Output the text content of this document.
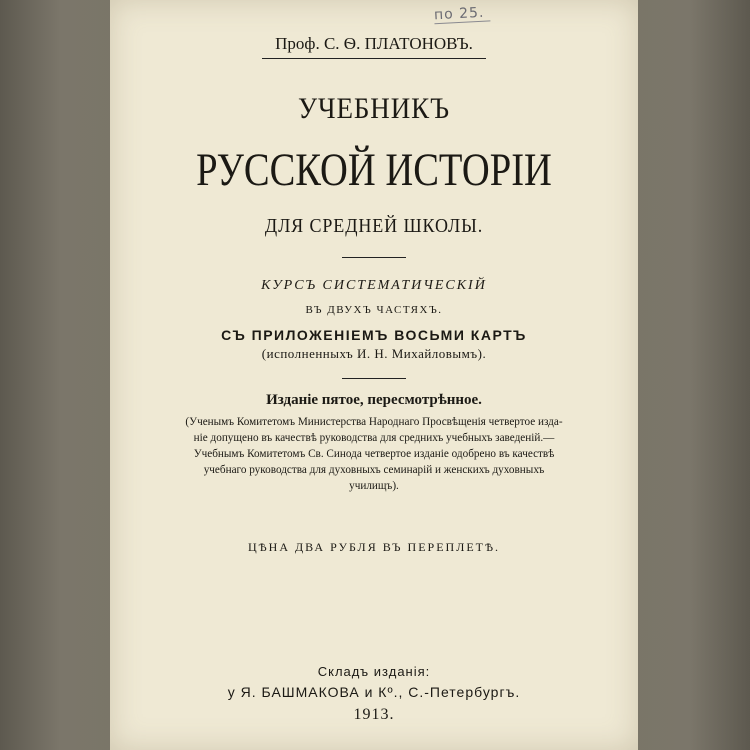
по 25.
Проф. С. Ѳ. ПЛАТОНОВЪ.
УЧЕБНИКЪ
РУССКОЙ ИСТОРІИ
ДЛЯ СРЕДНЕЙ ШКОЛЫ.
КУРСЪ СИСТЕМАТИЧЕСКІЙ
ВЪ ДВУХЪ ЧАСТЯХЪ.
СЪ ПРИЛОЖЕНІЕМЪ ВОСЬМИ КАРТЪ
(исполненныхъ И. Н. Михайловымъ).
Изданіе пятое, пересмотрѣнное.
(Ученымъ Комитетомъ Министерства Народнаго Просвѣщенія четвертое изда-
ніе допущено въ качествѣ руководства для среднихъ учебныхъ заведеній.—
Учебнымъ Комитетомъ Св. Синода четвертое изданіе одобрено въ качествѣ
учебнаго руководства для духовныхъ семинарій и женскихъ духовныхъ
училищъ).
ЦѢНА ДВА РУБЛЯ ВЪ ПЕРЕПЛЕТѢ.
Складъ изданія:
у Я. БАШМАКОВА и Кº., С.-Петербургъ.
1913.
